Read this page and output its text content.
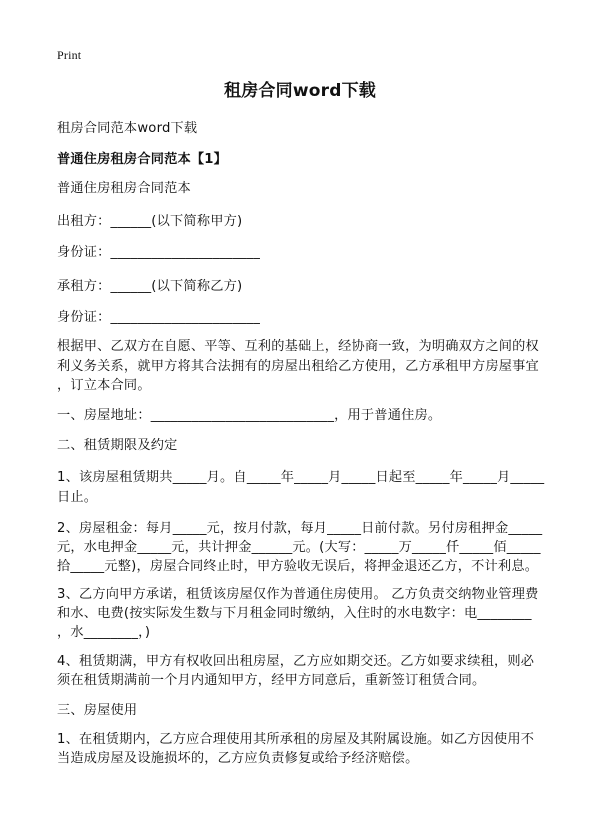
Print
租房合同word下载
租房合同范本word下载
普通住房租房合同范本【1】
普通住房租房合同范本
出租方：______(以下简称甲方)
身份证：______________________
承租方：______(以下简称乙方)
身份证：______________________
根据甲、乙双方在自愿、平等、互利的基础上，经协商一致，为明确双方之间的权
利义务关系，就甲方将其合法拥有的房屋出租给乙方使用，乙方承租甲方房屋事宜
，订立本合同。
一、房屋地址：___________________________，用于普通住房。
二、租赁期限及约定
1、该房屋租赁期共_____月。自_____年_____月_____日起至_____年_____月_____
日止。
2、房屋租金：每月_____元，按月付款，每月_____日前付款。另付房租押金_____
元，水电押金_____元，共计押金______元。(大写：_____万_____仟_____佰_____
拾_____元整)，房屋合同终止时，甲方验收无误后，将押金退还乙方，不计利息。
3、乙方向甲方承诺，租赁该房屋仅作为普通住房使用。 乙方负责交纳物业管理费
和水、电费(按实际发生数与下月租金同时缴纳，入住时的水电数字：电________
，水________，)
4、租赁期满，甲方有权收回出租房屋，乙方应如期交还。乙方如要求续租，则必
须在租赁期满前一个月内通知甲方，经甲方同意后，重新签订租赁合同。
三、房屋使用
1、在租赁期内，乙方应合理使用其所承租的房屋及其附属设施。如乙方因使用不
当造成房屋及设施损坏的，乙方应负责修复或给予经济赔偿。
